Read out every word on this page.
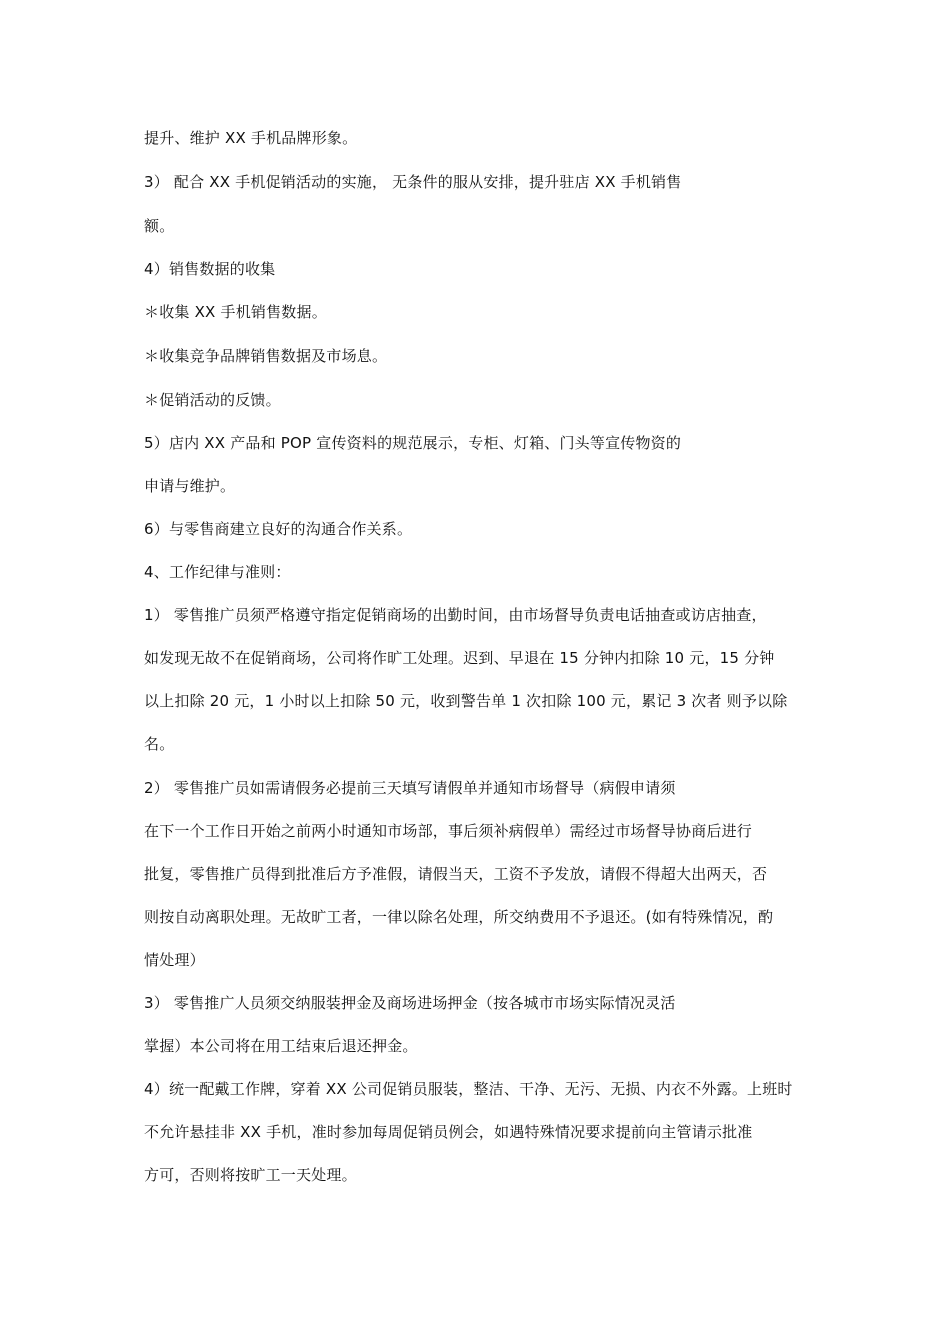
提升、维护 XX 手机品牌形象。
3） 配合 XX 手机促销活动的实施， 无条件的服从安排，提升驻店 XX 手机销售
额。
4）销售数据的收集
＊收集 XX 手机销售数据。
＊收集竞争品牌销售数据及市场息。
＊促销活动的反馈。
5）店内 XX 产品和 POP 宣传资料的规范展示，专柜、灯箱、门头等宣传物资的
申请与维护。
6）与零售商建立良好的沟通合作关系。
4、工作纪律与准则：
1） 零售推广员须严格遵守指定促销商场的出勤时间，由市场督导负责电话抽查或访店抽查，
如发现无故不在促销商场，公司将作旷工处理。迟到、早退在 15 分钟内扣除 10 元，15 分钟
以上扣除 20 元，1 小时以上扣除 50 元，收到警告单 1 次扣除 100 元，累记 3 次者 则予以除
名。
2） 零售推广员如需请假务必提前三天填写请假单并通知市场督导（病假申请须
在下一个工作日开始之前两小时通知市场部，事后须补病假单）需经过市场督导协商后进行
批复，零售推广员得到批准后方予准假，请假当天，工资不予发放，请假不得超大出两天，否
则按自动离职处理。无故旷工者，一律以除名处理，所交纳费用不予退还。(如有特殊情况，酌
情处理）
3） 零售推广人员须交纳服装押金及商场进场押金（按各城市市场实际情况灵活
掌握）本公司将在用工结束后退还押金。
4）统一配戴工作牌，穿着 XX 公司促销员服装，整洁、干净、无污、无损、内衣不外露。上班时
不允许悬挂非 XX 手机，准时参加每周促销员例会，如遇特殊情况要求提前向主管请示批准
方可，否则将按旷工一天处理。
